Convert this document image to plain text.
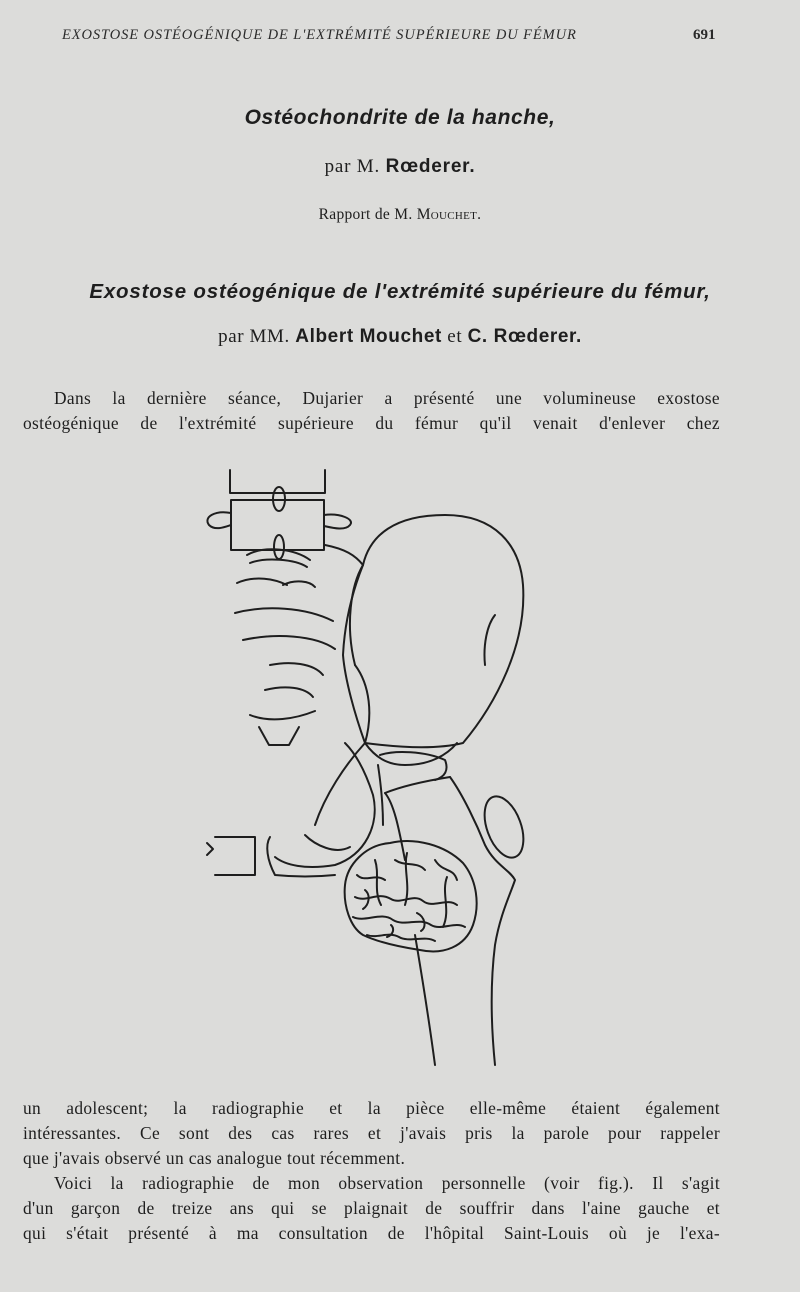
EXOSTOSE OSTÉOGÉNIQUE DE L'EXTRÉMITÉ SUPÉRIEURE DU FÉMUR	691
Ostéochondrite de la hanche,
par M. Rœderer.
Rapport de M. Mouchet.
Exostose ostéogénique de l'extrémité supérieure du fémur,
par MM. Albert Mouchet et C. Rœderer.
Dans la dernière séance, Dujarier a présenté une volumineuse exostose
ostéogénique de l'extrémité supérieure du fémur qu'il venait d'enlever chez
un adolescent; la radiographie et la pièce elle-même étaient également
intéressantes. Ce sont des cas rares et j'avais pris la parole pour rappeler
que j'avais observé un cas analogue tout récemment.
Voici la radiographie de mon observation personnelle (voir fig.). Il s'agit
d'un garçon de treize ans qui se plaignait de souffrir dans l'aine gauche et
qui s'était présenté à ma consultation de l'hôpital Saint-Louis où je l'exa-
